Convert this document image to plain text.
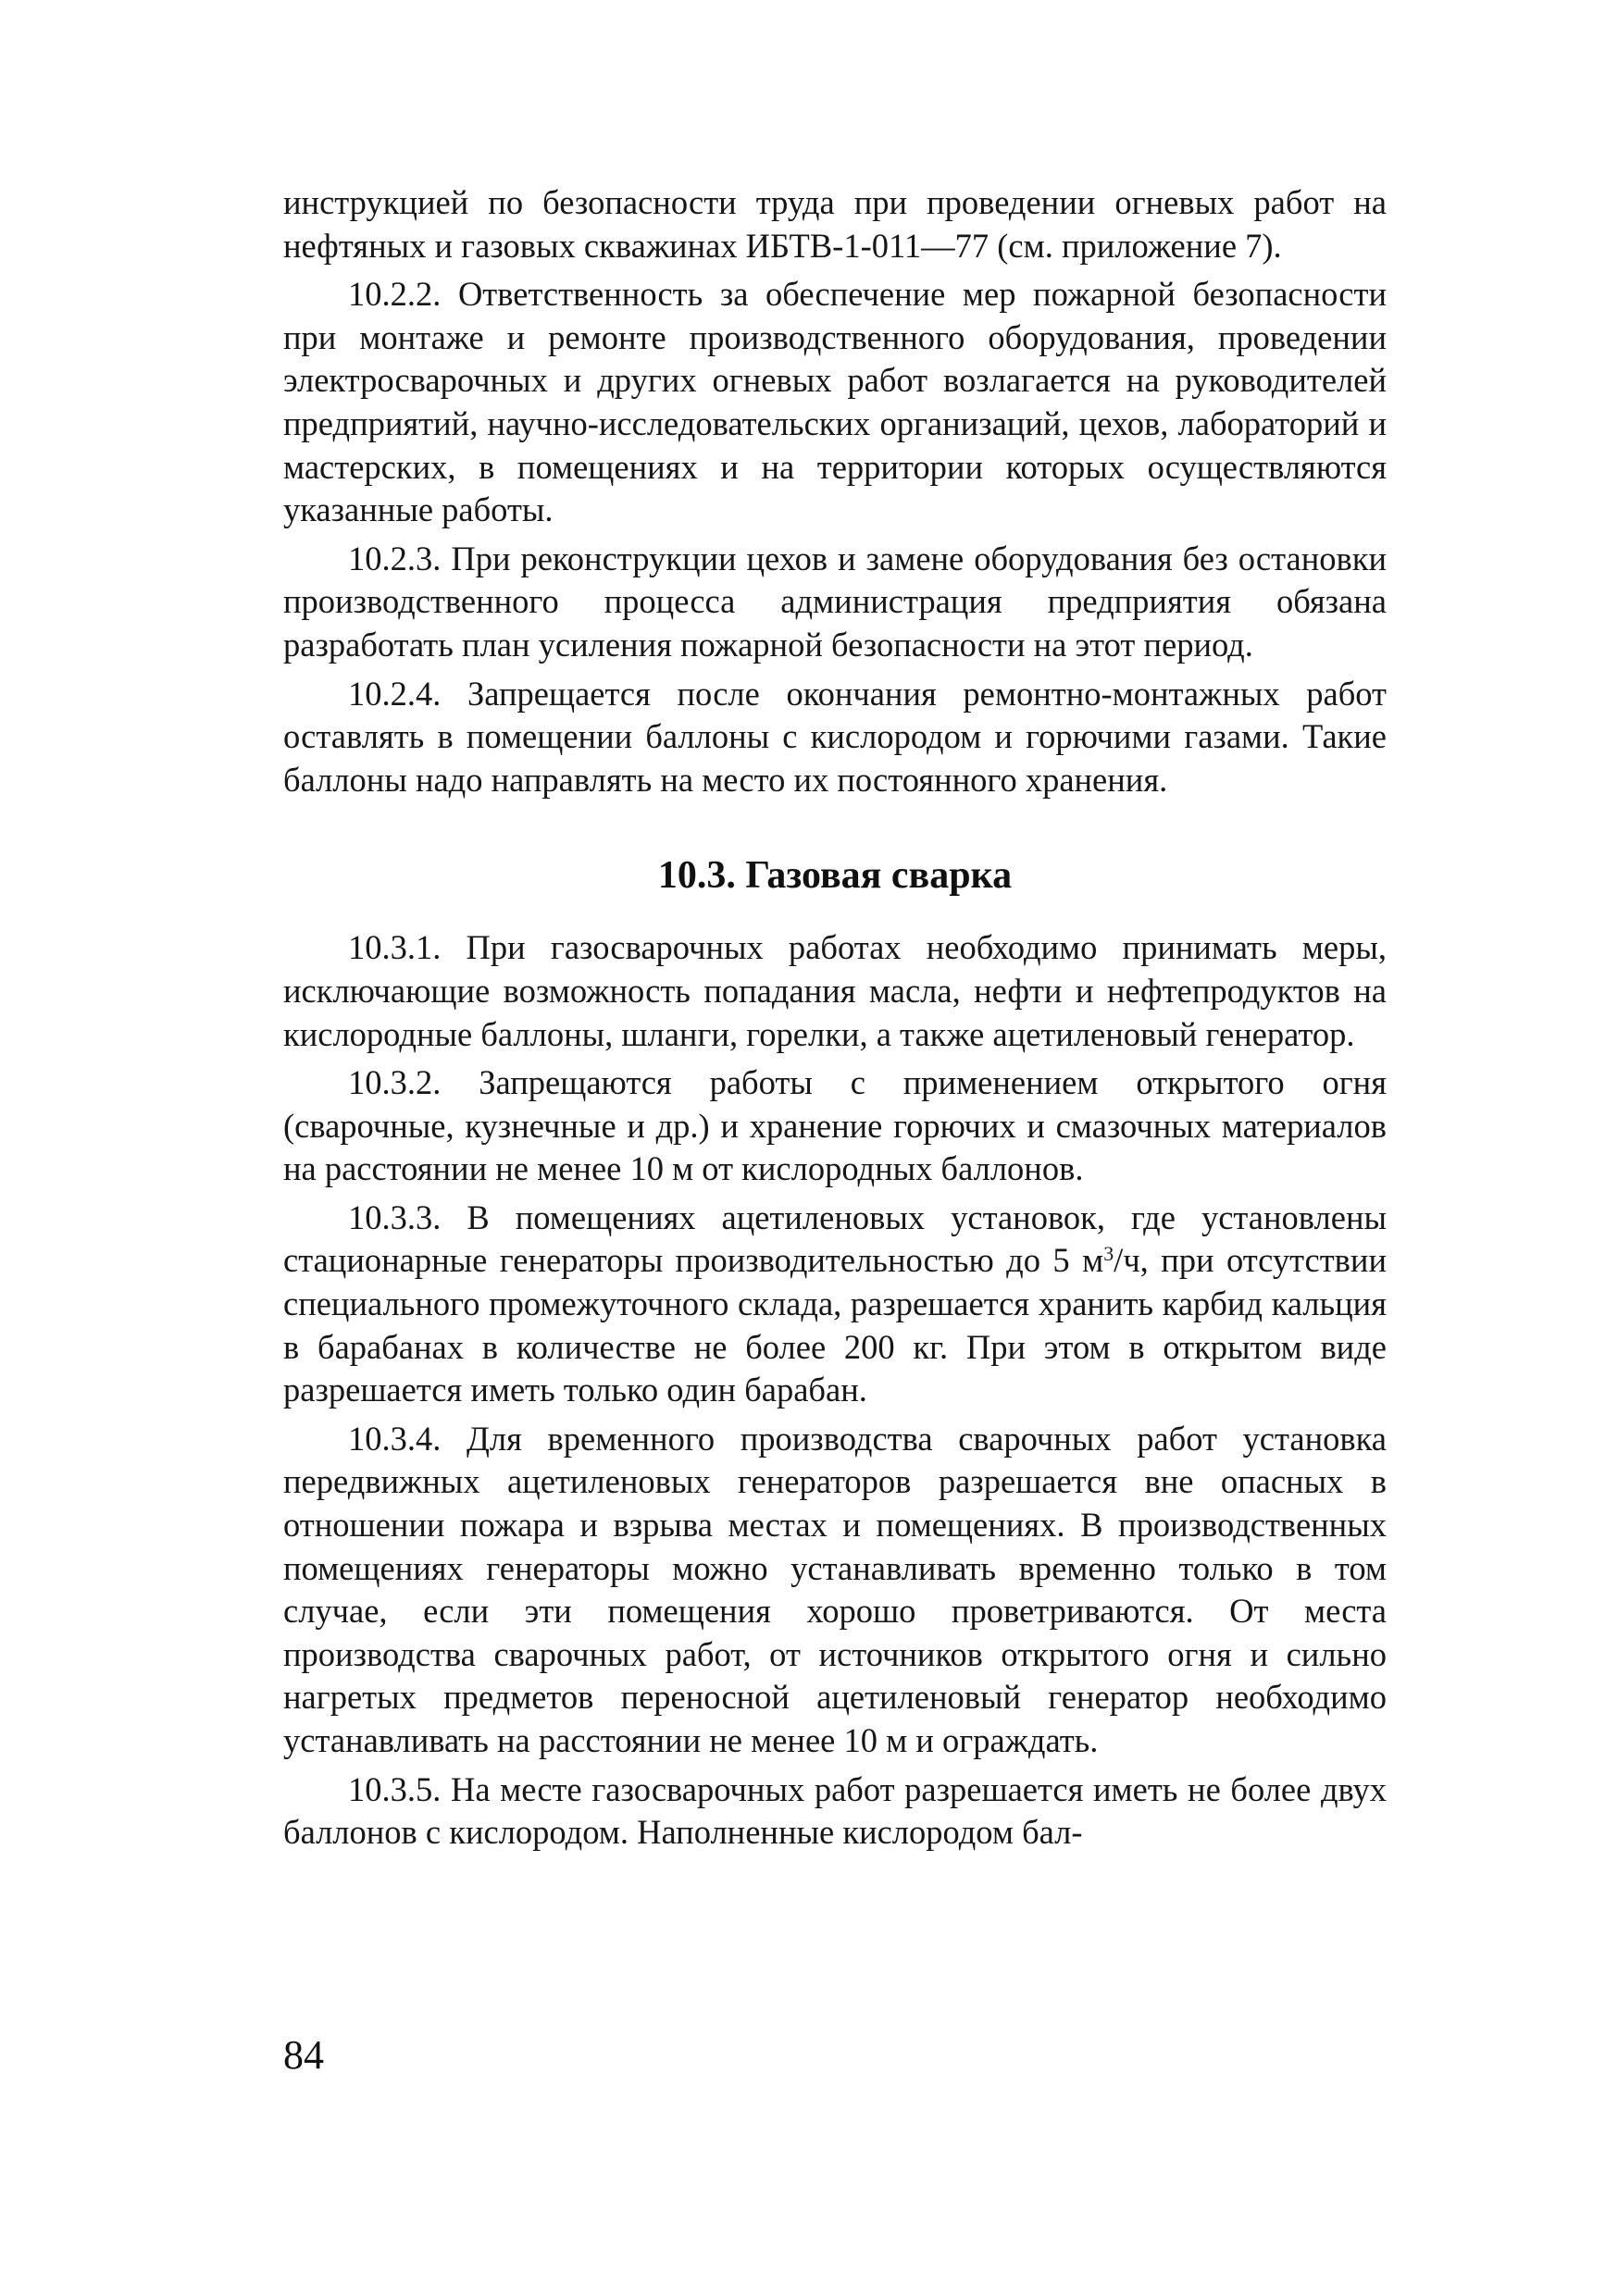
инструкцией по безопасности труда при проведении огневых работ на нефтяных и газовых скважинах ИБТВ-1-011—77 (см. приложение 7).

10.2.2. Ответственность за обеспечение мер пожарной безопасности при монтаже и ремонте производственного оборудования, проведении электросварочных и других огневых работ возлагается на руководителей предприятий, научно-исследовательских организаций, цехов, лабораторий и мастерских, в помещениях и на территории которых осуществляются указанные работы.

10.2.3. При реконструкции цехов и замене оборудования без остановки производственного процесса администрация предприятия обязана разработать план усиления пожарной безопасности на этот период.

10.2.4. Запрещается после окончания ремонтно-монтажных работ оставлять в помещении баллоны с кислородом и горючими газами. Такие баллоны надо направлять на место их постоянного хранения.

10.3. Газовая сварка

10.3.1. При газосварочных работах необходимо принимать меры, исключающие возможность попадания масла, нефти и нефтепродуктов на кислородные баллоны, шланги, горелки, а также ацетиленовый генератор.

10.3.2. Запрещаются работы с применением открытого огня (сварочные, кузнечные и др.) и хранение горючих и смазочных материалов на расстоянии не менее 10 м от кислородных баллонов.

10.3.3. В помещениях ацетиленовых установок, где установлены стационарные генераторы производительностью до 5 $м^3/ч$, при отсутствии специального промежуточного склада, разрешается хранить карбид кальция в барабанах в количестве не более 200 кг. При этом в открытом виде разрешается иметь только один барабан.

10.3.4. Для временного производства сварочных работ установка передвижных ацетиленовых генераторов разрешается вне опасных в отношении пожара и взрыва местах и помещениях. В производственных помещениях генераторы можно устанавливать временно только в том случае, если эти помещения хорошо проветриваются. От места производства сварочных работ, от источников открытого огня и сильно нагретых предметов переносной ацетиленовый генератор необходимо устанавливать на расстоянии не менее 10 м и ограждать.

10.3.5. На месте газосварочных работ разрешается иметь не более двух баллонов с кислородом. Наполненные кислородом бал-

84
